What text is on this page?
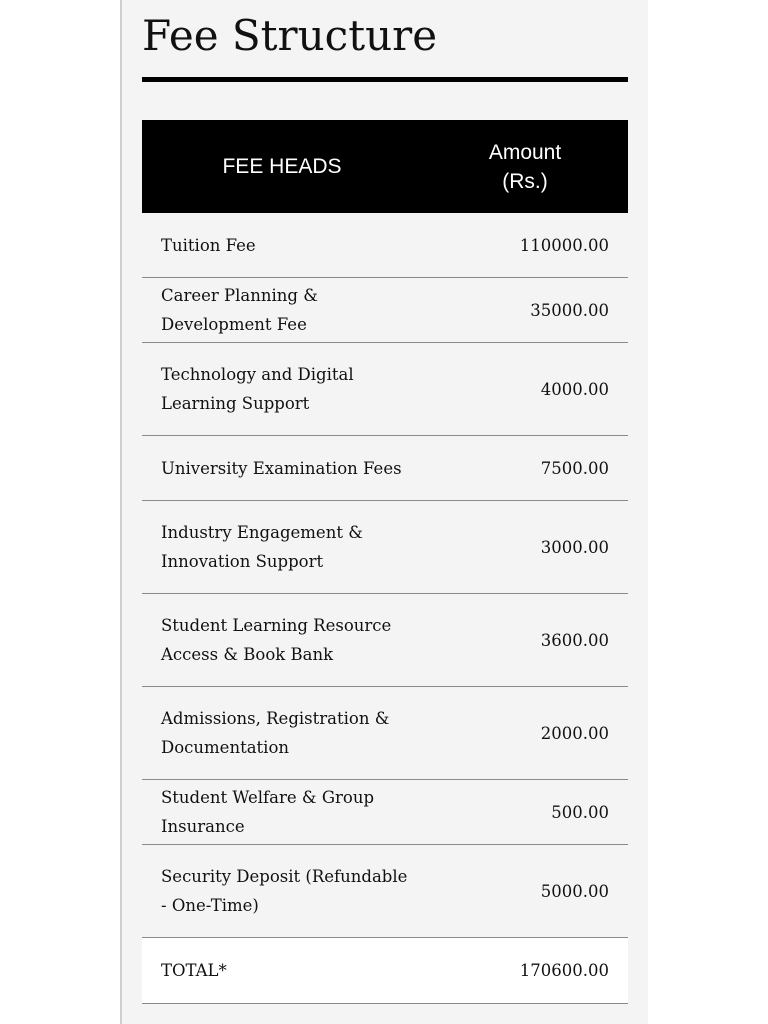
Fee Structure
FEE HEADS	Amount
(Rs.)
Tuition Fee	110000.00
Career Planning & Development Fee	35000.00
Technology and Digital Learning Support	4000.00
University Examination Fees	7500.00
Industry Engagement & Innovation Support	3000.00
Student Learning Resource Access & Book Bank	3600.00
Admissions, Registration & Documentation	2000.00
Student Welfare & Group Insurance	500.00
Security Deposit (Refundable - One-Time)	5000.00
TOTAL*	170600.00
